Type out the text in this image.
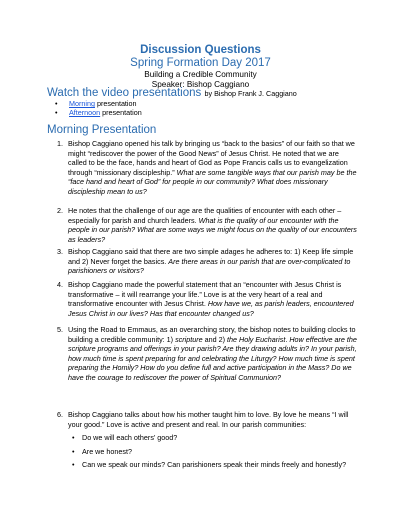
Discussion Questions
Spring Formation Day 2017
Building a Credible Community
Speaker: Bishop Caggiano
Watch the video presentations by Bishop Frank J. Caggiano
• Morning presentation
• Afternoon presentation
Morning Presentation
1. Bishop Caggiano opened his talk by bringing us “back to the basics” of our faith so that we might “rediscover the power of the Good News” of Jesus Christ. He noted that we are called to be the face, hands and heart of God as Pope Francis calls us to evangelization through “missionary discipleship.” What are some tangible ways that our parish may be the “face hand and heart of God” for people in our community? What does missionary discipleship mean to us?
2. He notes that the challenge of our age are the qualities of encounter with each other – especially for parish and church leaders. What is the quality of our encounter with the people in our parish? What are some ways we might focus on the quality of our encounters as leaders?
3. Bishop Caggiano said that there are two simple adages he adheres to: 1) Keep life simple and 2) Never forget the basics. Are there areas in our parish that are over-complicated to parishioners or visitors?
4. Bishop Caggiano made the powerful statement that an “encounter with Jesus Christ is transformative – it will rearrange your life.” Love is at the very heart of a real and transformative encounter with Jesus Christ. How have we, as parish leaders, encountered Jesus Christ in our lives? Has that encounter changed us?
5. Using the Road to Emmaus, as an overarching story, the bishop notes to building clocks to building a credible community: 1) scripture and 2) the Holy Eucharist. How effective are the scripture programs and offerings in your parish? Are they drawing adults in? In your parish, how much time is spent preparing for and celebrating the Liturgy? How much time is spent preparing the Homily? How do you define full and active participation in the Mass? Do we have the courage to rediscover the power of Spiritual Communion?
6. Bishop Caggiano talks about how his mother taught him to love. By love he means “I will your good.” Love is active and present and real. In our parish communities:
• Do we will each others’ good?
• Are we honest?
• Can we speak our minds? Can parishioners speak their minds freely and honestly?
